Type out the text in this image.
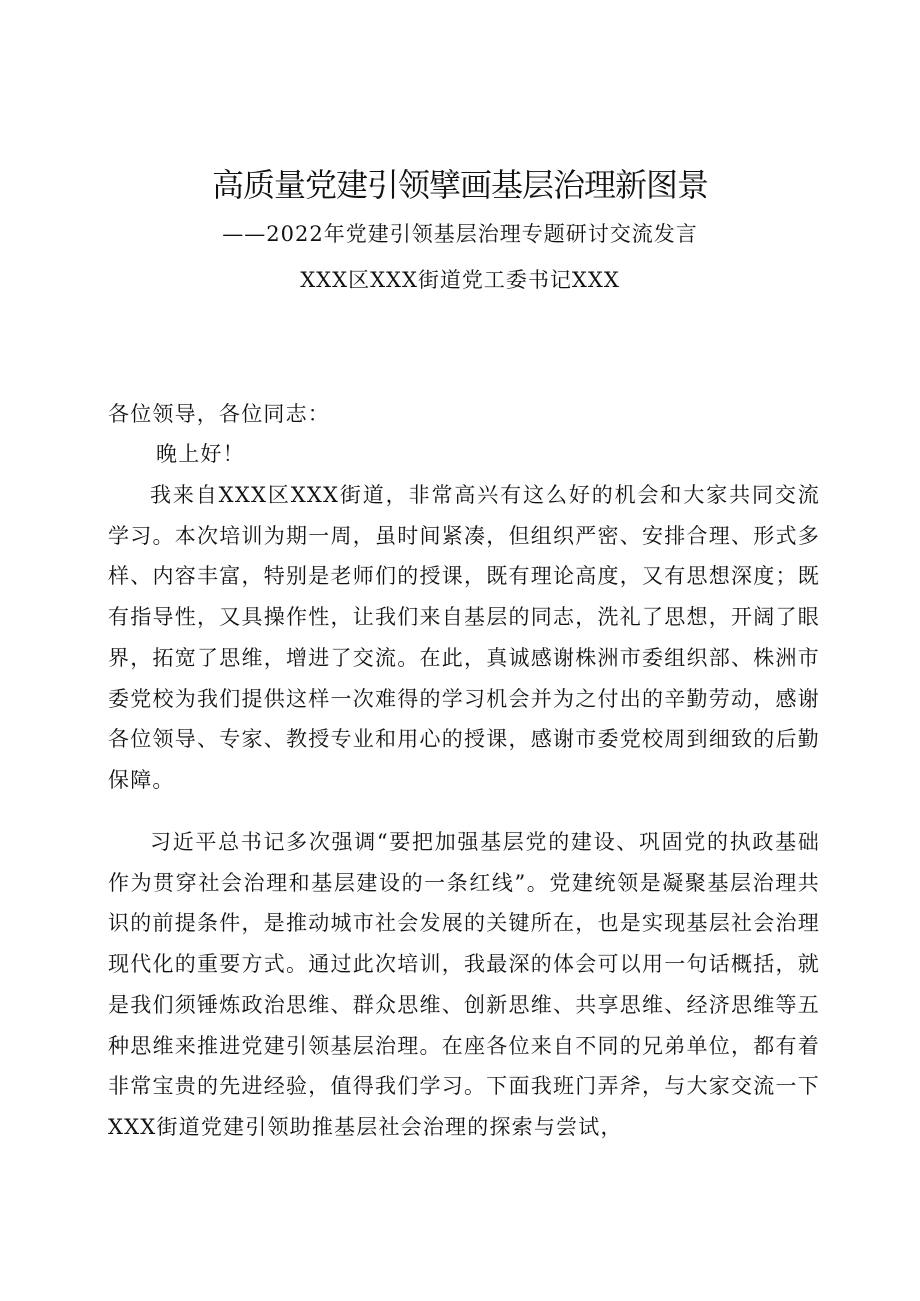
高质量党建引领擘画基层治理新图景
——2022年党建引领基层治理专题研讨交流发言
XXX区XXX街道党工委书记XXX
各位领导，各位同志：
晚上好！
我来自XXX区XXX街道，非常高兴有这么好的机会和大家共同交流学习。本次培训为期一周，虽时间紧凑，但组织严密、安排合理、形式多样、内容丰富，特别是老师们的授课，既有理论高度，又有思想深度；既有指导性，又具操作性，让我们来自基层的同志，洗礼了思想，开阔了眼界，拓宽了思维，增进了交流。在此，真诚感谢株洲市委组织部、株洲市委党校为我们提供这样一次难得的学习机会并为之付出的辛勤劳动，感谢各位领导、专家、教授专业和用心的授课，感谢市委党校周到细致的后勤保障。
习近平总书记多次强调“要把加强基层党的建设、巩固党的执政基础作为贯穿社会治理和基层建设的一条红线”。党建统领是凝聚基层治理共识的前提条件，是推动城市社会发展的关键所在，也是实现基层社会治理现代化的重要方式。通过此次培训，我最深的体会可以用一句话概括，就是我们须锤炼政治思维、群众思维、创新思维、共享思维、经济思维等五种思维来推进党建引领基层治理。在座各位来自不同的兄弟单位，都有着非常宝贵的先进经验，值得我们学习。下面我班门弄斧，与大家交流一下XXX街道党建引领助推基层社会治理的探索与尝试，
